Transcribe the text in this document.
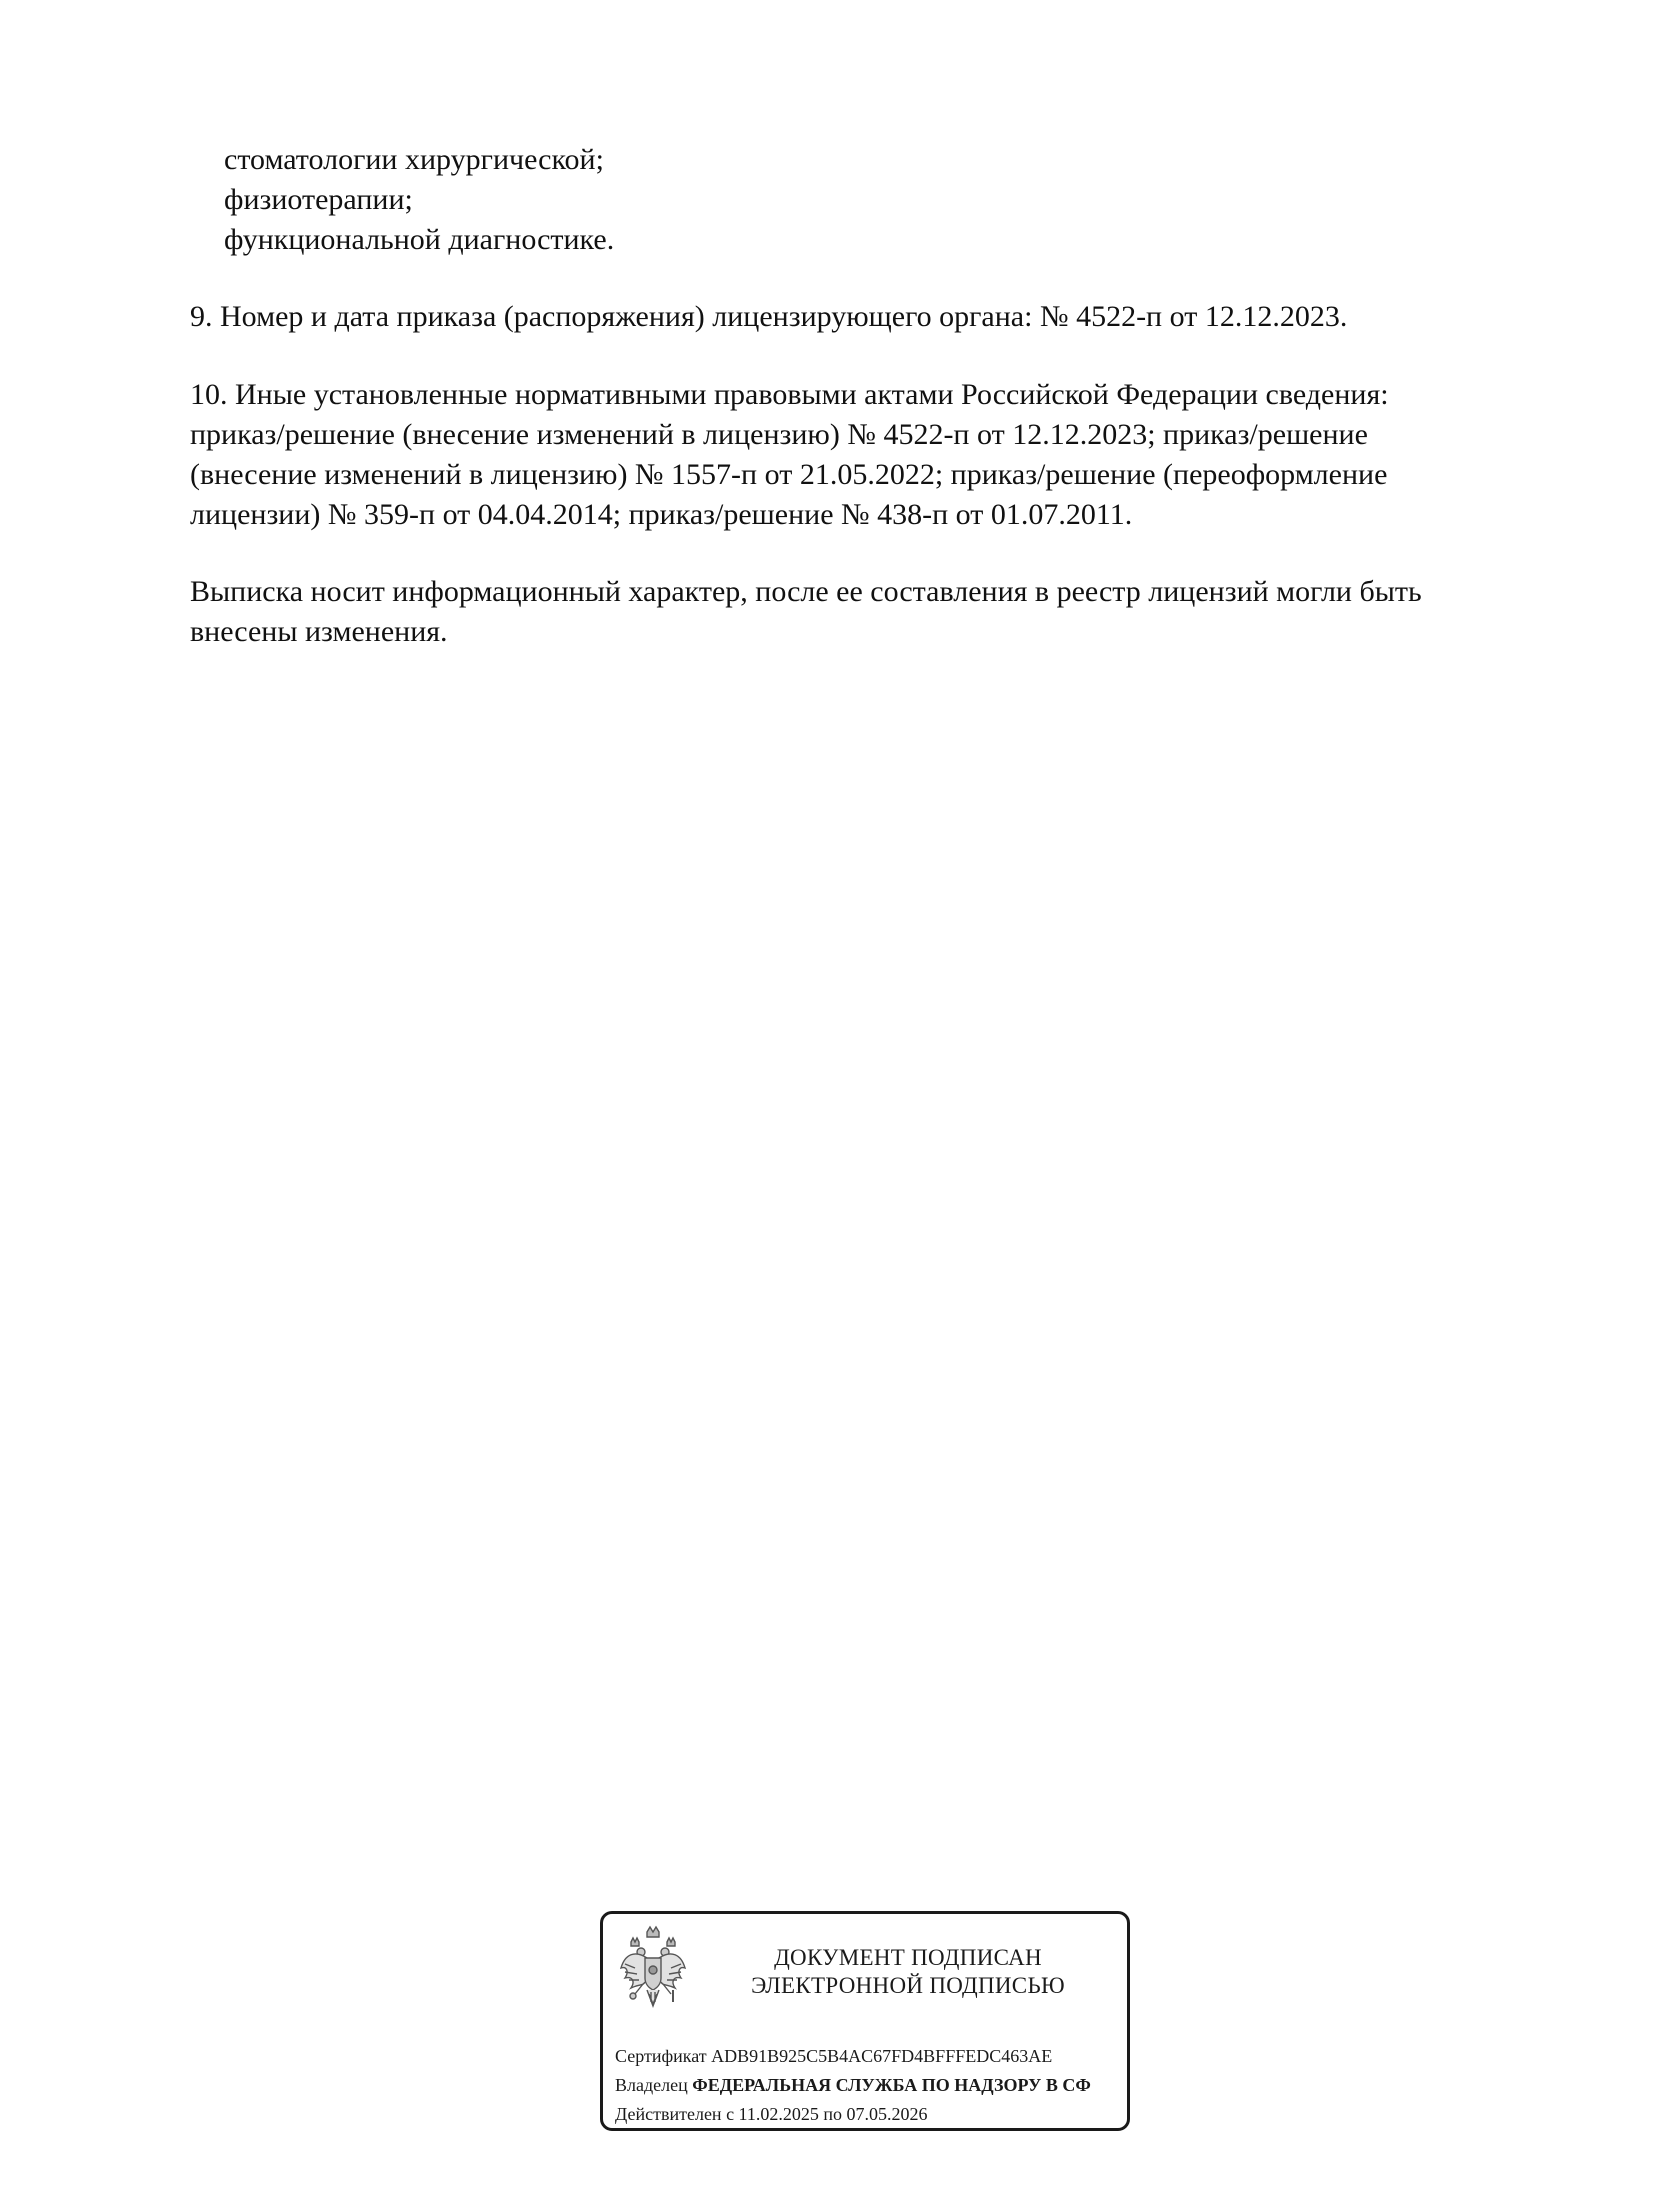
стоматологии хирургической;
физиотерапии;
функциональной диагностике.
9. Номер и дата приказа (распоряжения) лицензирующего органа: № 4522-п от 12.12.2023.
10. Иные установленные нормативными правовыми актами Российской Федерации сведения:
приказ/решение (внесение изменений в лицензию) № 4522-п от 12.12.2023; приказ/решение
(внесение изменений в лицензию) № 1557-п от 21.05.2022; приказ/решение (переоформление
лицензии) № 359-п от 04.04.2014; приказ/решение № 438-п от 01.07.2011.
Выписка носит информационный характер, после ее составления в реестр лицензий могли быть
внесены изменения.
ДОКУМЕНТ ПОДПИСАН
ЭЛЕКТРОННОЙ ПОДПИСЬЮ
Сертификат ADB91B925C5B4AC67FD4BFFFEDC463AE
Владелец ФЕДЕРАЛЬНАЯ СЛУЖБА ПО НАДЗОРУ В СФ
Действителен с 11.02.2025 по 07.05.2026
